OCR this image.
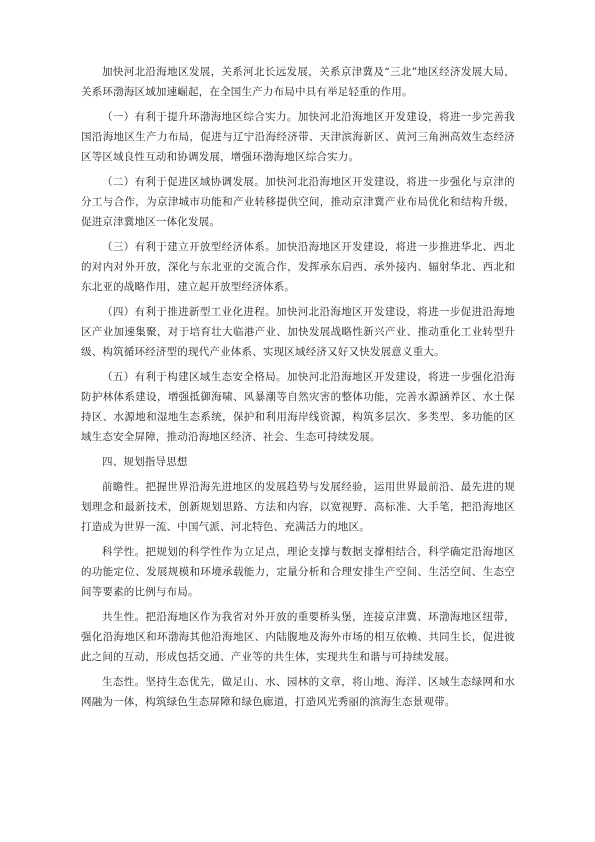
加快河北沿海地区发展，关系河北长远发展，关系京津冀及“三北”地区经济发展大局，关系环渤海区域加速崛起，在全国生产力布局中具有举足轻重的作用。

（一）有利于提升环渤海地区综合实力。加快河北沿海地区开发建设，将进一步完善我国沿海地区生产力布局，促进与辽宁沿海经济带、天津滨海新区、黄河三角洲高效生态经济区等区域良性互动和协调发展，增强环渤海地区综合实力。

（二）有利于促进区域协调发展。加快河北沿海地区开发建设，将进一步强化与京津的分工与合作，为京津城市功能和产业转移提供空间，推动京津冀产业布局优化和结构升级，促进京津冀地区一体化发展。

（三）有利于建立开放型经济体系。加快沿海地区开发建设，将进一步推进华北、西北的对内对外开放，深化与东北亚的交流合作，发挥承东启西、承外接内、辐射华北、西北和东北亚的战略作用，建立起开放型经济体系。

（四）有利于推进新型工业化进程。加快河北沿海地区开发建设，将进一步促进沿海地区产业加速集聚，对于培育壮大临港产业、加快发展战略性新兴产业、推动重化工业转型升级、构筑循环经济型的现代产业体系、实现区域经济又好又快发展意义重大。

（五）有利于构建区域生态安全格局。加快河北沿海地区开发建设，将进一步强化沿海防护林体系建设，增强抵御海啸、风暴潮等自然灾害的整体功能，完善水源涵养区、水土保持区、水源地和湿地生态系统，保护和利用海岸线资源，构筑多层次、多类型、多功能的区域生态安全屏障，推动沿海地区经济、社会、生态可持续发展。

四、规划指导思想

前瞻性。把握世界沿海先进地区的发展趋势与发展经验，运用世界最前沿、最先进的规划理念和最新技术，创新规划思路、方法和内容，以宽视野、高标准、大手笔，把沿海地区打造成为世界一流、中国气派、河北特色、充满活力的地区。

科学性。把规划的科学性作为立足点，理论支撑与数据支撑相结合，科学确定沿海地区的功能定位、发展规模和环境承载能力，定量分析和合理安排生产空间、生活空间、生态空间等要素的比例与布局。

共生性。把沿海地区作为我省对外开放的重要桥头堡，连接京津冀、环渤海地区纽带，强化沿海地区和环渤海其他沿海地区、内陆腹地及海外市场的相互依赖、共同生长，促进彼此之间的互动，形成包括交通、产业等的共生体，实现共生和谐与可持续发展。

生态性。坚持生态优先，做足山、水、园林的文章，将山地、海洋、区域生态绿网和水网融为一体，构筑绿色生态屏障和绿色廊道，打造风光秀丽的滨海生态景观带。
